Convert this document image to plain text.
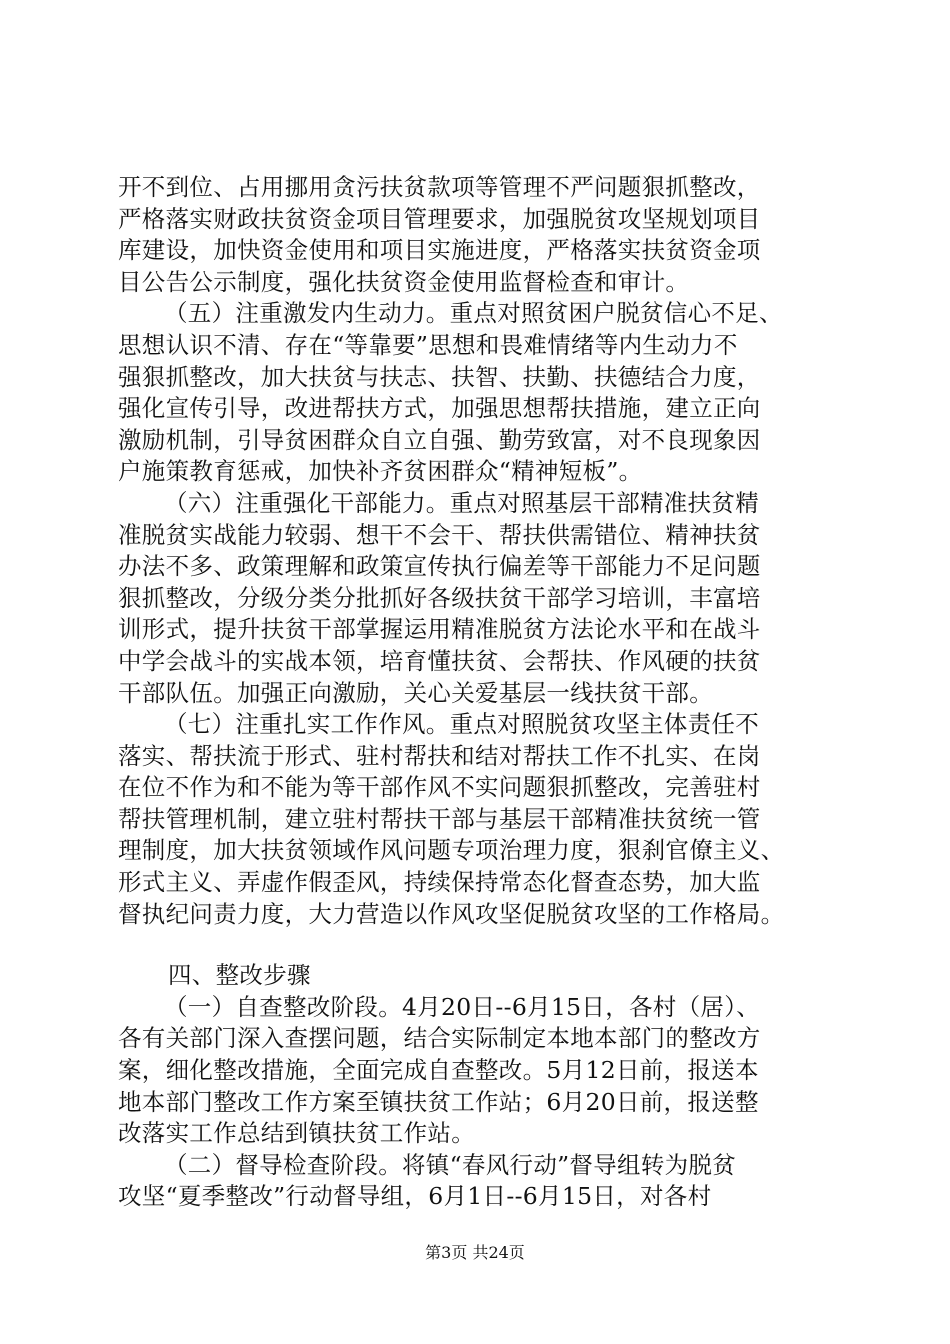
开不到位、占用挪用贪污扶贫款项等管理不严问题狠抓整改，
严格落实财政扶贫资金项目管理要求，加强脱贫攻坚规划项目
库建设，加快资金使用和项目实施进度，严格落实扶贫资金项
目公告公示制度，强化扶贫资金使用监督检查和审计。
（五）注重激发内生动力。重点对照贫困户脱贫信心不足、
思想认识不清、存在“等靠要”思想和畏难情绪等内生动力不
强狠抓整改，加大扶贫与扶志、扶智、扶勤、扶德结合力度，
强化宣传引导，改进帮扶方式，加强思想帮扶措施，建立正向
激励机制，引导贫困群众自立自强、勤劳致富，对不良现象因
户施策教育惩戒，加快补齐贫困群众“精神短板”。
（六）注重强化干部能力。重点对照基层干部精准扶贫精
准脱贫实战能力较弱、想干不会干、帮扶供需错位、精神扶贫
办法不多、政策理解和政策宣传执行偏差等干部能力不足问题
狠抓整改，分级分类分批抓好各级扶贫干部学习培训，丰富培
训形式，提升扶贫干部掌握运用精准脱贫方法论水平和在战斗
中学会战斗的实战本领，培育懂扶贫、会帮扶、作风硬的扶贫
干部队伍。加强正向激励，关心关爱基层一线扶贫干部。
（七）注重扎实工作作风。重点对照脱贫攻坚主体责任不
落实、帮扶流于形式、驻村帮扶和结对帮扶工作不扎实、在岗
在位不作为和不能为等干部作风不实问题狠抓整改，完善驻村
帮扶管理机制，建立驻村帮扶干部与基层干部精准扶贫统一管
理制度，加大扶贫领域作风问题专项治理力度，狠刹官僚主义、
形式主义、弄虚作假歪风，持续保持常态化督查态势，加大监
督执纪问责力度，大力营造以作风攻坚促脱贫攻坚的工作格局。
四、整改步骤
（一）自查整改阶段。4月20日--6月15日，各村（居）、
各有关部门深入查摆问题，结合实际制定本地本部门的整改方
案，细化整改措施，全面完成自查整改。5月12日前，报送本
地本部门整改工作方案至镇扶贫工作站；6月20日前，报送整
改落实工作总结到镇扶贫工作站。
（二）督导检查阶段。将镇“春风行动”督导组转为脱贫
攻坚“夏季整改”行动督导组，6月1日--6月15日，对各村
第3页 共24页
